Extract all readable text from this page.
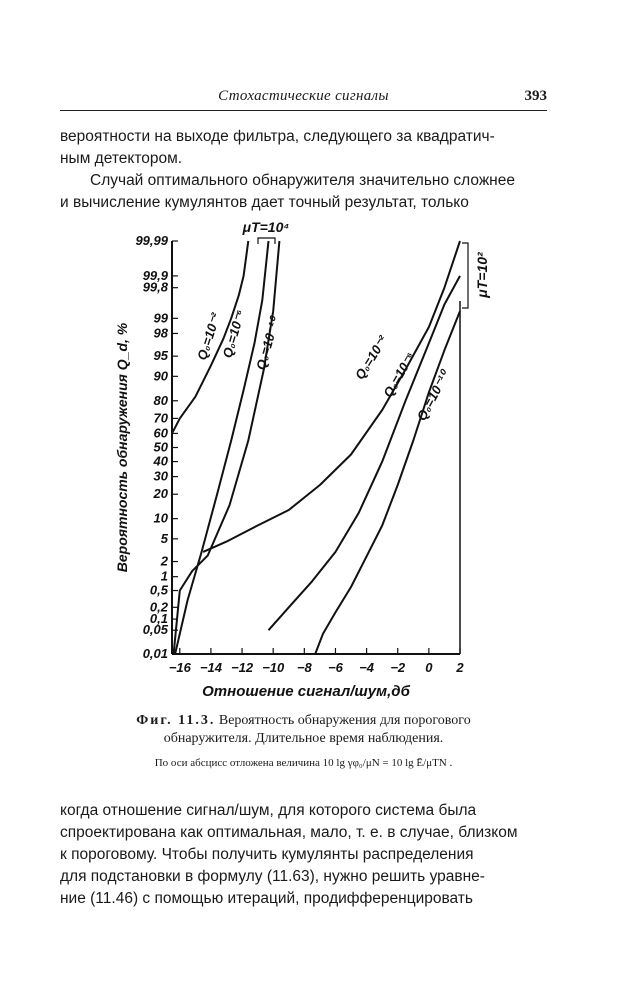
Стохастические сигналы	393
вероятности на выходе фильтра, следующего за квадратич-
ным детектором.
Случай оптимального обнаружителя значительно сложнее
и вычисление кумулянтов дает точный результат, только
0,01
0,05
0,1
0,2
0,5
1
2
5
10
20
30
40
50
60
70
80
90
95
98
99
99,8
99,9
99,99
Вероятность обнаружения Q_d, %
−16 −14 −12 −10 −8 −6 −4 −2 0 2
Отношение сигнал/шум,дб
Q₀=10⁻²
Q₀=10⁻⁶ Q₀=10⁻¹⁰	Q₀=10⁻²
Q₀=10⁻⁶
Q₀=10⁻¹⁰
μT=10⁴
μT=10²
Фиг. 11.3. Вероятность обнаружения для порогового
обнаружителя. Длительное время наблюдения.
По оси абсцисс отложена величина 10 lg γφ₀/μN = 10 lg Ē/μTN .
когда отношение сигнал/шум, для которого система была
спроектирована как оптимальная, мало, т. е. в случае, близком
к пороговому. Чтобы получить кумулянты распределения
для подстановки в формулу (11.63), нужно решить уравне-
ние (11.46) с помощью итераций, продифференцировать
